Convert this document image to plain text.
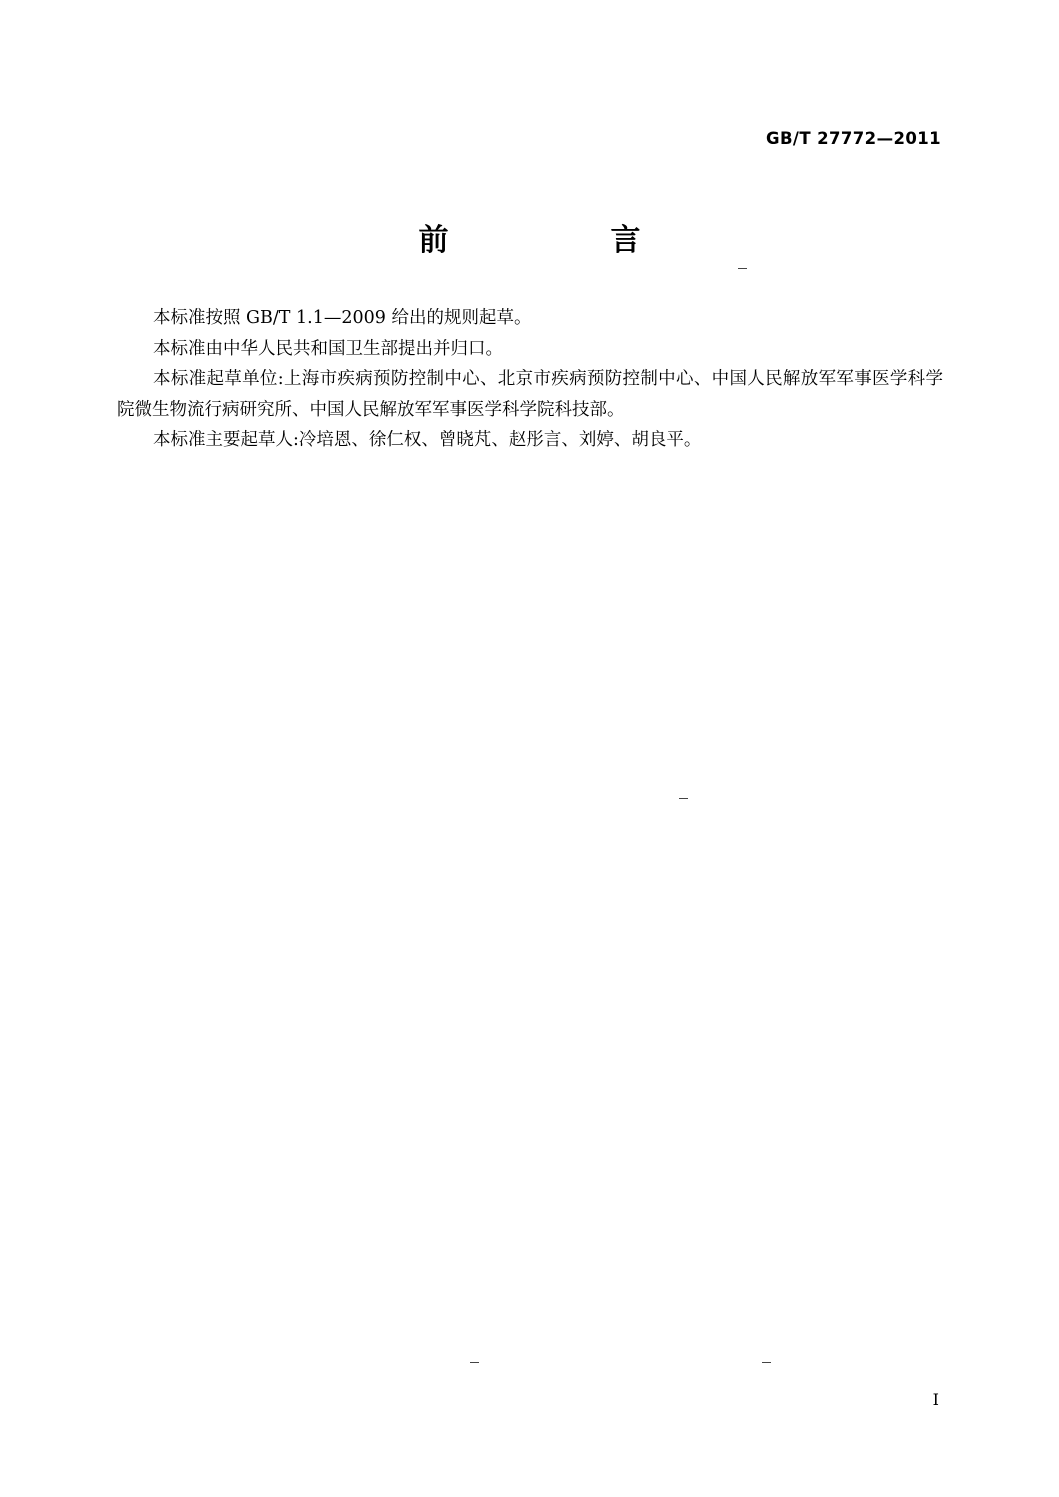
GB/T 27772—2011
前　　言

本标准按照 GB/T 1.1—2009 给出的规则起草。

本标准由中华人民共和国卫生部提出并归口。

本标准起草单位:上海市疾病预防控制中心、北京市疾病预防控制中心、中国人民解放军军事医学科学院微生物流行病研究所、中国人民解放军军事医学科学院科技部。

本标准主要起草人:冷培恩、徐仁权、曾晓芃、赵彤言、刘婷、胡良平。

Ⅰ
